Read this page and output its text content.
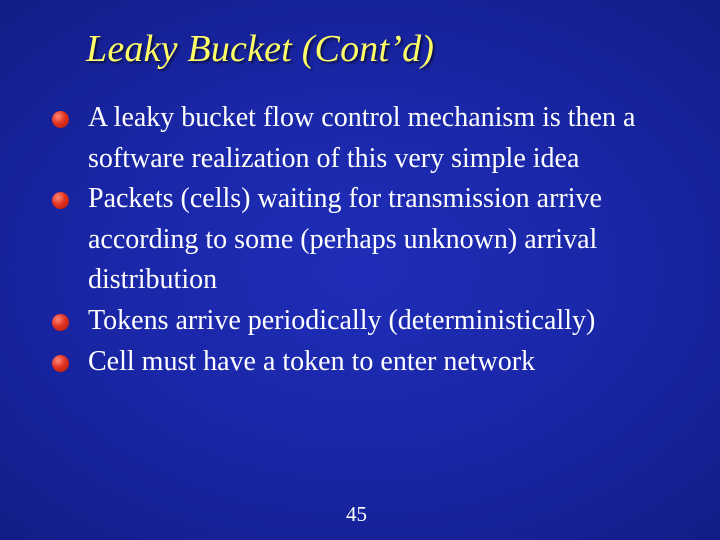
Leaky Bucket (Cont’d)
A leaky bucket flow control mechanism is then a software realization of this very simple idea
Packets (cells) waiting for transmission arrive according to some (perhaps unknown) arrival distribution
Tokens arrive periodically (deterministically)
Cell must have a token to enter network
45
